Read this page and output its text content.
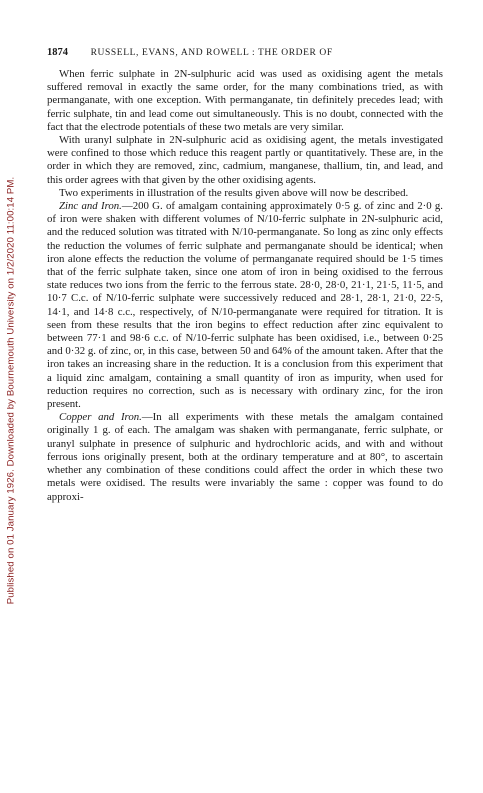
Published on 01 January 1926. Downloaded by Bournemouth University on 1/2/2020 11:00:14 PM.
1874 RUSSELL, EVANS, AND ROWELL : THE ORDER OF

When ferric sulphate in 2N-sulphuric acid was used as oxidising agent the metals suffered removal in exactly the same order, for the many combinations tried, as with permanganate, with one exception. With permanganate, tin definitely precedes lead; with ferric sulphate, tin and lead come out simultaneously. This is no doubt, connected with the fact that the electrode potentials of these two metals are very similar.

With uranyl sulphate in 2N-sulphuric acid as oxidising agent, the metals investigated were confined to those which reduce this reagent partly or quantitatively. These are, in the order in which they are removed, zinc, cadmium, manganese, thallium, tin, and lead, and this order agrees with that given by the other oxidising agents.

Two experiments in illustration of the results given above will now be described.

Zinc and Iron.—200 G. of amalgam containing approximately 0·5 g. of zinc and 2·0 g. of iron were shaken with different volumes of N/10-ferric sulphate in 2N-sulphuric acid, and the reduced solution was titrated with N/10-permanganate. So long as zinc only effects the reduction the volumes of ferric sulphate and permanganate should be identical; when iron alone effects the reduction the volume of permanganate required should be 1·5 times that of the ferric sulphate taken, since one atom of iron in being oxidised to the ferrous state reduces two ions from the ferric to the ferrous state. 28·0, 28·0, 21·1, 21·5, 11·5, and 10·7 C.c. of N/10-ferric sulphate were successively reduced and 28·1, 28·1, 21·0, 22·5, 14·1, and 14·8 c.c., respectively, of N/10-permanganate were required for titration. It is seen from these results that the iron begins to effect reduction after zinc equivalent to between 77·1 and 98·6 c.c. of N/10-ferric sulphate has been oxidised, i.e., between 0·25 and 0·32 g. of zinc, or, in this case, between 50 and 64% of the amount taken. After that the iron takes an increasing share in the reduction. It is a conclusion from this experiment that a liquid zinc amalgam, containing a small quantity of iron as impurity, when used for reduction requires no correction, such as is necessary with ordinary zinc, for the iron present.

Copper and Iron.—In all experiments with these metals the amalgam contained originally 1 g. of each. The amalgam was shaken with permanganate, ferric sulphate, or uranyl sulphate in presence of sulphuric and hydrochloric acids, and with and without ferrous ions originally present, both at the ordinary temperature and at 80°, to ascertain whether any combination of these conditions could affect the order in which these two metals were oxidised. The results were invariably the same : copper was found to do approxi-
